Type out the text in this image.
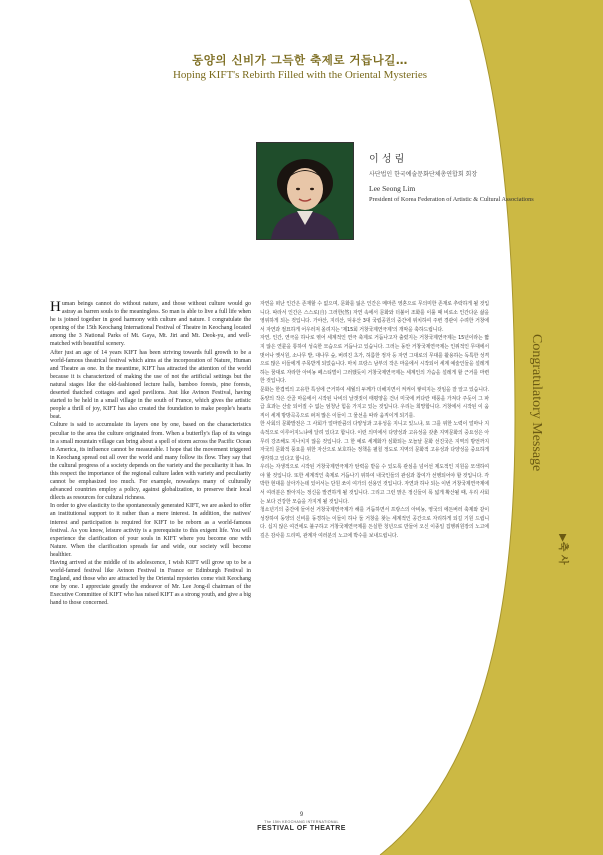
동양의 신비가 그득한 축제로 거듭나길…
Hoping KIFT's Rebirth Filled with the Oriental Mysteries
이 성 림
사단법인 한국예술문화단체총연합회 회장
Lee Seong Lim
President of Korea Federation of Artistic & Cultural Associations

Human beings cannot do without nature, and those without culture would go astray as barren souls to the meaningless. So man is able to live a full life when he is joined together in good harmony with culture and nature. I congratulate the opening of the 15th Keochang International Festival of Theatre in Keochang located among the 3 National Parks of Mt. Gaya, Mt. Jiri and Mt. Deok-yu, and well-matched with beautiful scenery.

After just an age of 14 years KIFT has been striving towards full growth to be a world-famous theatrical festival which aims at the incorporation of Nature, Human and Theatre as one. In the meantime, KIFT has attracted the attention of the world because it is characterized of making the use of not the artificial settings but the natural stages like the old-fashioned lecture halls, bamboo forests, pine forests, deserted thatched cottages and aged pavilions. Just like Avinon Festival, having started to be held in a small village in the south of France, which gives the artistic people a thrill of joy, KIFT has also created the foundation to make people's hearts beat.

Culture is said to accumulate its layers one by one, based on the characteristics peculiar to the area the culture originated from. When a butterfly's flap of its wings in a small mountain village can bring about a spell of storm across the Pacific Ocean in America, its influence cannot be measurable. I hope that the movement triggered in Keochang spread out all over the world and many follow its flow. They say that the cultural progress of a society depends on the variety and the peculiarity it has. In this respect the importance of the regional culture laden with variety and peculiarity cannot be emphasized too much. For example, nowadays many of culturally advanced countries employ a policy, against globalization, to preserve their local dilects as resources for cultural richness.

In order to give elasticity to the spontaneously generated KIFT, we are asked to offer an institutional support to it rather than a mere interest. In addition, the natives' interest and participation is required for KIFT to be reborn as a world-famous festival. As you know, leisure activity is a prerequisite to this exigent life. You will experience the clarification of your souls in KIFT where you become one with Nature. When the clarification spreads far and wide, our society will become healthier.

Having arrived at the middle of its adolescence, I wish KIFT will grow up to be a world-famed festival like Avinon Festival in France or Edinburgh Festival in England, and those who are attracted by the Oriental mysteries come visit Keochang one by one. I appreciate greatly the endeavor of Mr. Lee Jong-il chairman of the Executive Committee of KIFT who has raised KIFT as a strong youth, and give a big hand to those concerned.

자연을 떠난 인간은 존재할 수 없으며, 문화를 잃은 인간은 메마른 영혼으로 무의미한 존재로 추락하게 될 것입니다. 따라서 인간은 스스로(自) 그러한(然) 자연 속에서 문화와 더불어 조화를 이룰 때 비로소 인간다운 삶을 영위하게 되는 것입니다. 가야산, 지리산, 덕유산 3대 국립공원의 중간에 위치하여 주변 경관이 수려한 거창에서 자연과 절묘하게 어우러져 올려지는 '제15회 거창국제연극제'의 개막을 축하드립니다.

자연, 인간, 연극을 하나로 엮어 세계적인 연극 축제로 거듭나고자 출렸지는 거창국제연극제는 15년이라는 짧지 않은 연륜을 통하여 성숙한 모습으로 거듭나고 있습니다. 그러는 동안 거창국제연극제는 인위적인 무대에서 벗어나 옛서원, 소나무 밭, 대나무 숲, 버려진 초가, 허름한 정자 등 자연 그대로의 무대를 활용하는 독특한 성격으로 많은 이들에게 주목받게 되었습니다. 마치 프랑스 남부의 작은 마을에서 시작되어 세계 예술인들을 설레게 하는 꿈대로 자라한 아비뇽 페스티벌이 그러했듯이 거창국제연극제는 세계인의 가슴을 설레게 할 근거를 마련한 것입니다.

문화는 한겹씩의 고유한 특성에 근거하여 세월의 두께가 더해지면서 켜켜이 쌓여지는 것임을 잘 알고 있습니다. 동양의 작은 산골 마을에서 시작된 나비의 날갯짓이 태평양을 건너 미국에 커다란 태풍을 가져다 주듯이 그 파급 효과는 산술 되어질 수 없는 엄청난 힘을 가지고 있는 것입니다. 우리는 희망합니다. 거창에서 시작된 이 움직이 세계 방방곡곡으로 퍼져 많은 이들이 그 물선을 따라 움직이게 되기를.

한 사회의 문화발전은 그 사회가 얼마만큼의 다양성과 고유성을 지니고 있느냐, 또 그를 위한 노력이 얼마나 지속적으로 이루어지느냐에 달려 있다고 합니다. 이런 의미에서 다양성과 고유성을 갖춘 지역문화의 중요성은 아무리 강조해도 지나치지 않을 것입니다. 그 한 예로 세계화가 심화되는 오늘날 문화 선진국은 지역의 방언까지 자국의 문화적 풍요를 위한 자산으로 보호하는 정책을 펼칠 정도로 지역의 문화적 고유성과 다양성을 중요하게 생각하고 있다고 합니다.

우리는 자생적으로 시작된 거창국제연극제가 탄력을 받을 수 있도록 관심을 넘어선 제도적인 지원을 모색하여야 할 것입니다. 또한 세계적인 축제로 거듭나기 위하여 내국인들의 관심과 참여가 선행되어야 할 것입니다. 각박한 현대를 살아가는데 있어서는 단원 쏘이 여가의 선용인 것입니다. 자연과 하나 되는 이번 거창국제연극제에서 여러분은 맑아지는 정신을 발견하게 될 것입니다. 그리고 그런 맑은 정신들이 폭 넓게 확산될 때, 우리 사회는 보다 건강한 모습을 가지게 될 것입니다.

청소년기의 중간에 들어선 거창국제연극제가 해를 거듭하면서 프랑스의 아비뇽, 영국의 에든버러 축제와 같이 성장하여 동양의 신비를 동경하는 이들이 하나 둘 거창을 찾는 세계적인 공간으로 자리하게 되길 기원 드립니다. 십지 않은 여건에도 불구하고 거창국제연극제를 든실한 청년으로 만들어 오신 이종일 집행위원장의 노고에 깊은 감사를 드리며, 관계자 여러분의 노고에 박수를 보내드립니다.

Congratulatory Message
▶축 사
9
The 15th KEOCHANG INTERNATIONAL
FESTIVAL OF THEATRE
